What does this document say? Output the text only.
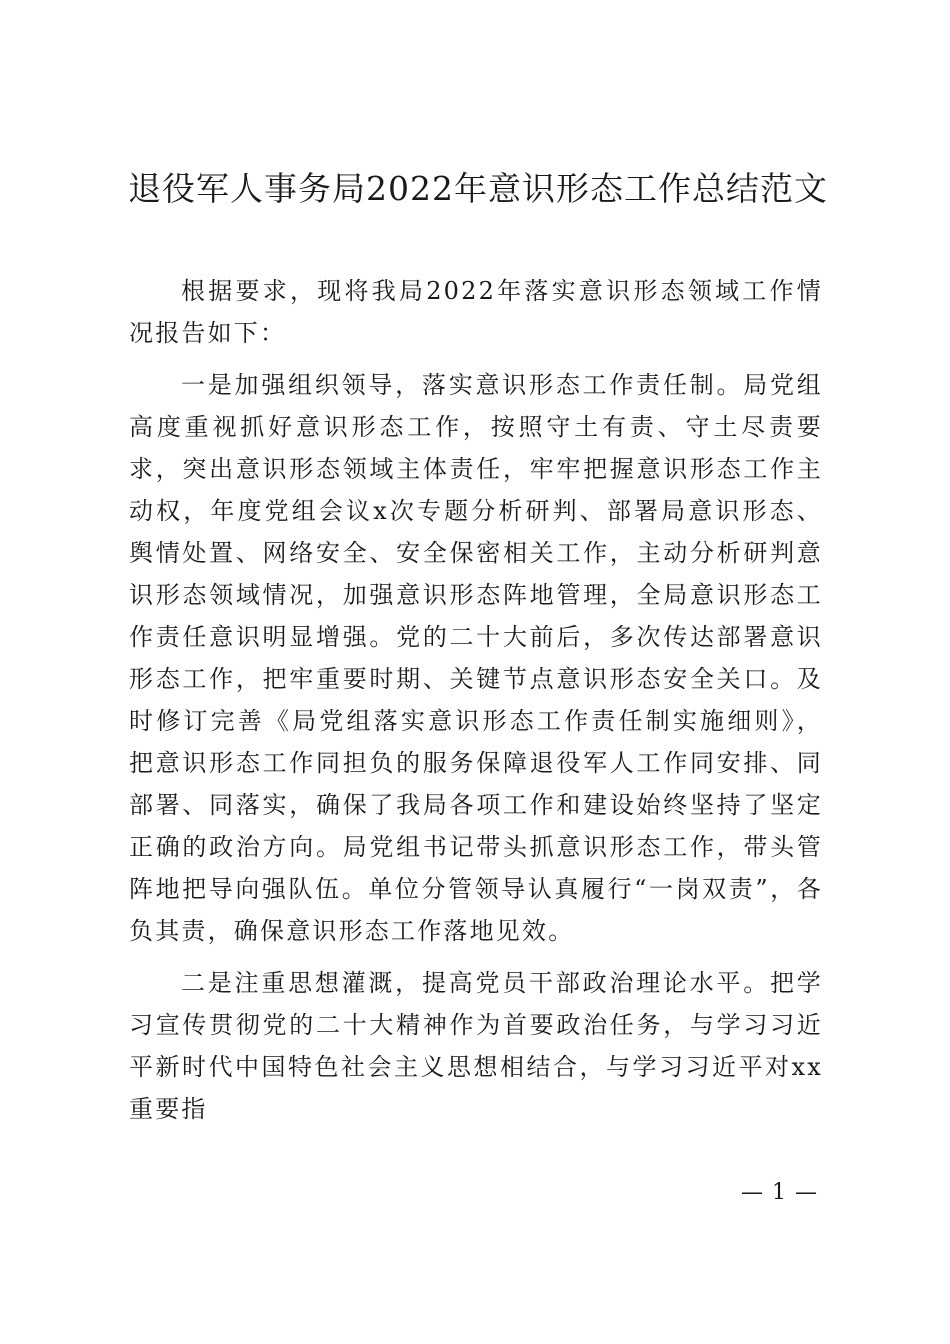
退役军人事务局2022年意识形态工作总结范文

根据要求，现将我局2022年落实意识形态领域工作情况报告如下：

一是加强组织领导，落实意识形态工作责任制。局党组高度重视抓好意识形态工作，按照守土有责、守土尽责要求，突出意识形态领域主体责任，牢牢把握意识形态工作主动权，年度党组会议x次专题分析研判、部署局意识形态、舆情处置、网络安全、安全保密相关工作，主动分析研判意识形态领域情况，加强意识形态阵地管理，全局意识形态工作责任意识明显增强。党的二十大前后，多次传达部署意识形态工作，把牢重要时期、关键节点意识形态安全关口。及时修订完善《局党组落实意识形态工作责任制实施细则》，把意识形态工作同担负的服务保障退役军人工作同安排、同部署、同落实，确保了我局各项工作和建设始终坚持了坚定正确的政治方向。局党组书记带头抓意识形态工作，带头管阵地把导向强队伍。单位分管领导认真履行“一岗双责”，各负其责，确保意识形态工作落地见效。

二是注重思想灌溉，提高党员干部政治理论水平。把学习宣传贯彻党的二十大精神作为首要政治任务，与学习习近平新时代中国特色社会主义思想相结合，与学习习近平对xx重要指

— 1 —
